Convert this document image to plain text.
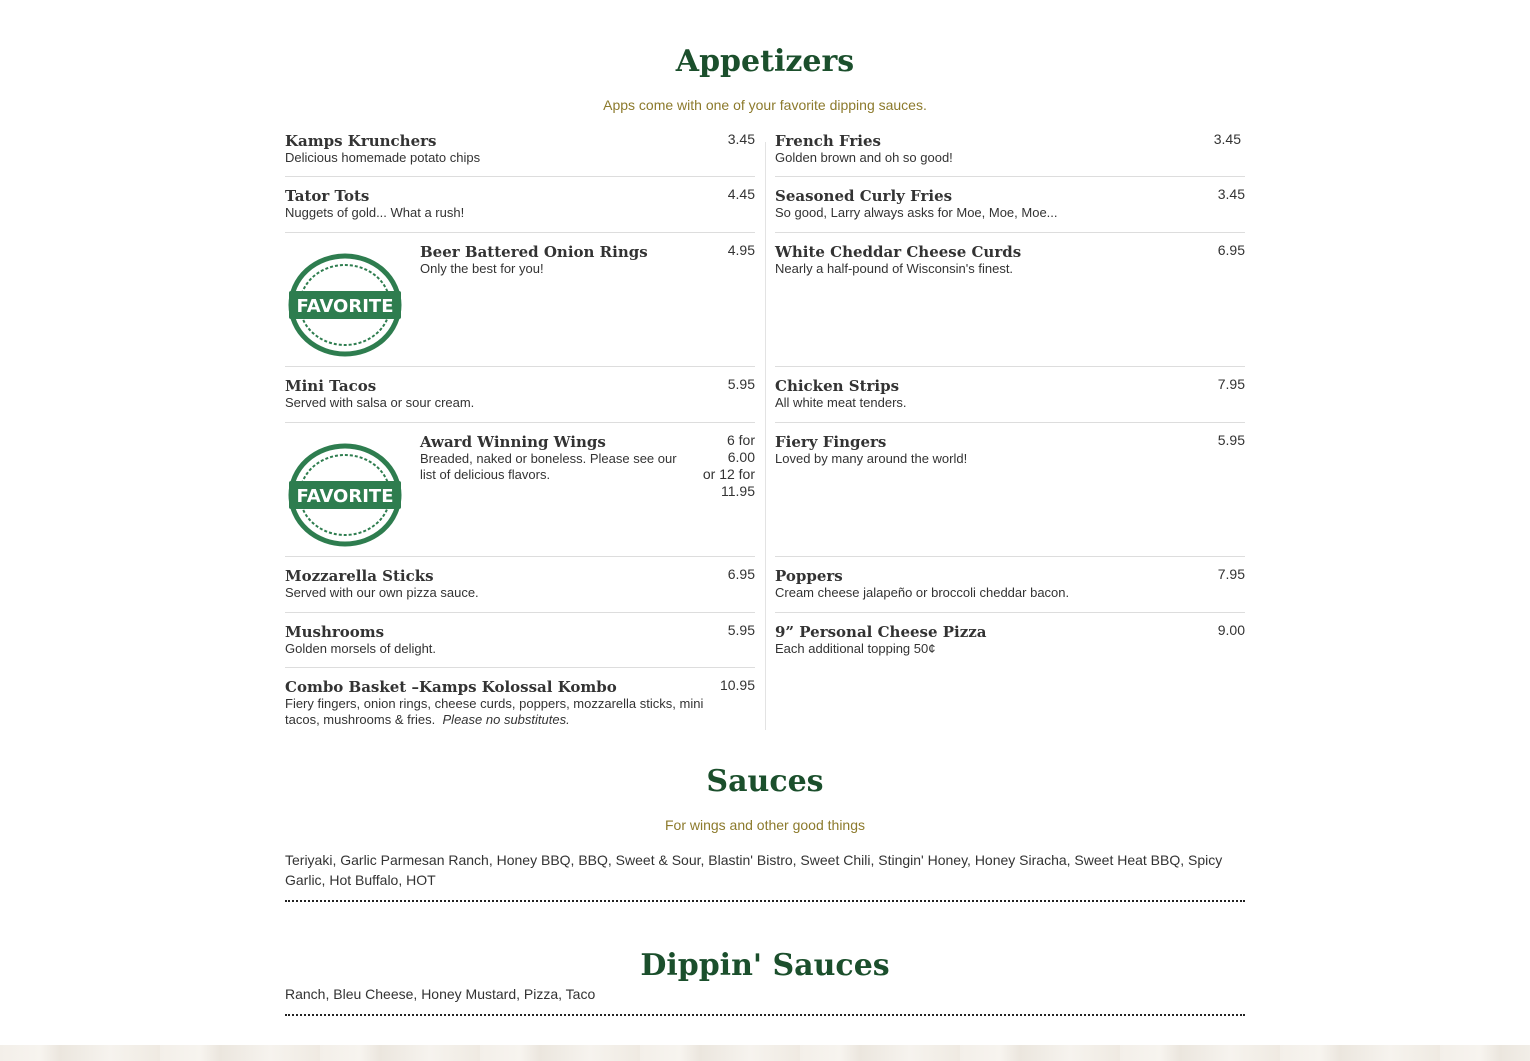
Appetizers
Apps come with one of your favorite dipping sauces.
Kamps Krunchers
Delicious homemade potato chips
3.45
Tator Tots
Nuggets of gold... What a rush!
4.45
FAVORITE
Beer Battered Onion Rings
Only the best for you!
4.95
Mini Tacos
Served with salsa or sour cream.
5.95
FAVORITE
Award Winning Wings
Breaded, naked or boneless. Please see our list of delicious flavors.
6 for
6.00
or 12 for
11.95
Mozzarella Sticks
Served with our own pizza sauce.
6.95
Mushrooms
Golden morsels of delight.
5.95
Combo Basket –Kamps Kolossal Kombo
Fiery fingers, onion rings, cheese curds, poppers, mozzarella sticks, mini tacos, mushrooms & fries. Please no substitutes.
10.95
French Fries
Golden brown and oh so good!
3.45
Seasoned Curly Fries
So good, Larry always asks for Moe, Moe, Moe...
3.45
White Cheddar Cheese Curds
Nearly a half-pound of Wisconsin's finest.
6.95
Chicken Strips
All white meat tenders.
7.95
Fiery Fingers
Loved by many around the world!
5.95
Poppers
Cream cheese jalapeño or broccoli cheddar bacon.
7.95
9” Personal Cheese Pizza
Each additional topping 50¢
9.00
Sauces
For wings and other good things
Teriyaki, Garlic Parmesan Ranch, Honey BBQ, BBQ, Sweet & Sour, Blastin' Bistro, Sweet Chili, Stingin' Honey, Honey Siracha, Sweet Heat BBQ, Spicy Garlic, Hot Buffalo, HOT
Dippin' Sauces
Ranch, Bleu Cheese, Honey Mustard, Pizza, Taco
